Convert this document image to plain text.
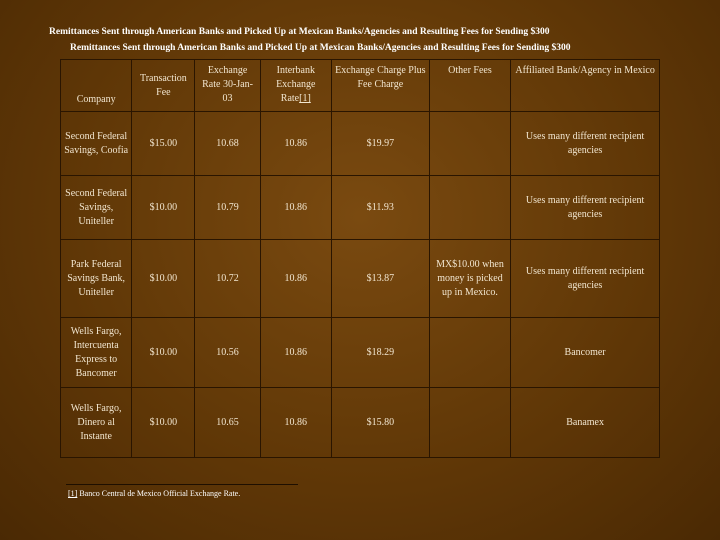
Remittances Sent through American Banks and Picked Up at Mexican Banks/Agencies and Resulting Fees for Sending $300
Remittances Sent through American Banks and Picked Up at Mexican Banks/Agencies and Resulting Fees for Sending $300
Company	Transaction Fee	Exchange Rate 30-Jan-03	Interbank Exchange Rate[1]	Exchange Charge Plus Fee Charge	Other Fees	Affiliated Bank/Agency in Mexico
Second Federal Savings, Coofia	$15.00	10.68	10.86	$19.97		Uses many different recipient agencies
Second Federal Savings, Uniteller	$10.00	10.79	10.86	$11.93		Uses many different recipient agencies
Park Federal Savings Bank, Uniteller	$10.00	10.72	10.86	$13.87	MX$10.00 when money is picked up in Mexico.	Uses many different recipient agencies
Wells Fargo, Intercuenta Express to Bancomer	$10.00	10.56	10.86	$18.29		Bancomer
Wells Fargo, Dinero al Instante	$10.00	10.65	10.86	$15.80		Banamex
[1] Banco Central de Mexico Official Exchange Rate.
